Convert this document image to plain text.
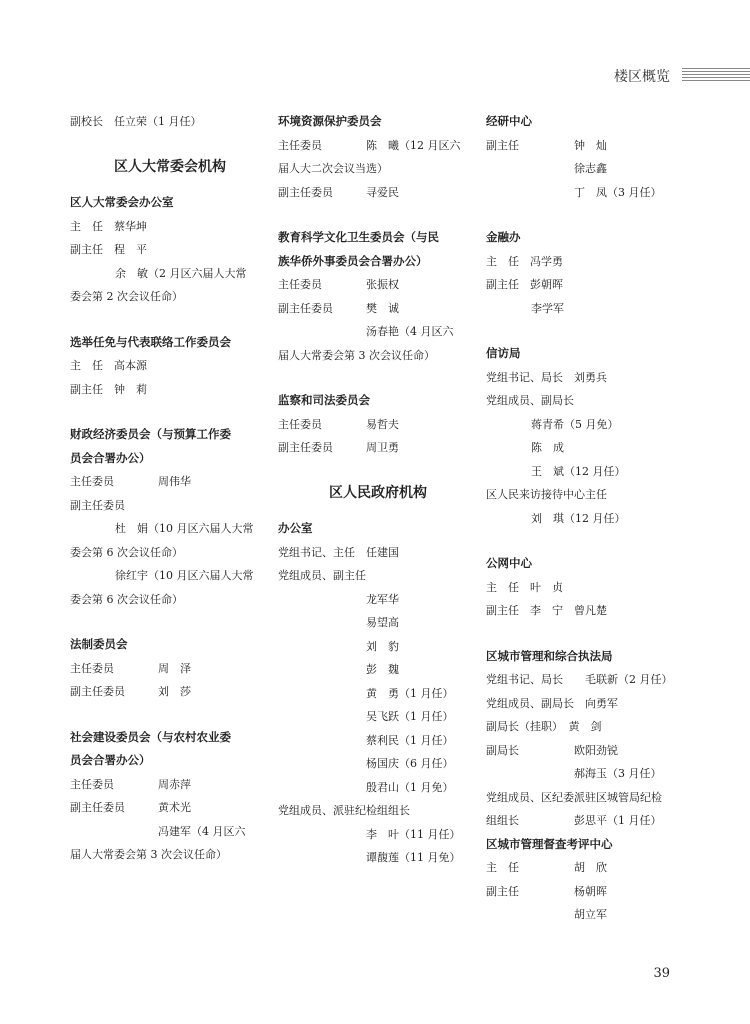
楼区概览
副校长　任立荣（1 月任）
区人大常委会机构
区人大常委会办公室
主　任　蔡华坤
副主任　程　平
余　敏（2 月区六届人大常
委会第 2 次会议任命）
选举任免与代表联络工作委员会
主　任　高本源
副主任　钟　莉
财政经济委员会（与预算工作委
员会合署办公）
主任委员　　　　周伟华
副主任委员
杜　娟（10 月区六届人大常
委会第 6 次会议任命）
徐红宇（10 月区六届人大常
委会第 6 次会议任命）
法制委员会
主任委员　　　　周　泽
副主任委员　　　刘　莎
社会建设委员会（与农村农业委
员会合署办公）
主任委员　　　　周赤萍
副主任委员　　　黄术光
冯建军（4 月区六
届人大常委会第 3 次会议任命）
环境资源保护委员会
主任委员　　　　陈　曦（12 月区六
届人大二次会议当选）
副主任委员　　　寻爱民
教育科学文化卫生委员会（与民
族华侨外事委员会合署办公）
主任委员　　　　张振权
副主任委员　　　樊　诚
汤春艳（4 月区六
届人大常委会第 3 次会议任命）
监察和司法委员会
主任委员　　　　易哲夫
副主任委员　　　周卫勇
区人民政府机构
办公室
党组书记、主任　任建国
党组成员、副主任
龙军华
易望高
刘　豹
彭　魏
黄　勇（1 月任）
吴飞跃（1 月任）
蔡利民（1 月任）
杨国庆（6 月任）
殷君山（1 月免）
党组成员、派驻纪检组组长
李　叶（11 月任）
谭馥莲（11 月免）
经研中心
副主任　　　　　钟　灿
徐志鑫
丁　凤（3 月任）
金融办
主　任　冯学勇
副主任　彭朝晖
李学军
信访局
党组书记、局长　刘勇兵
党组成员、副局长
蒋青希（5 月免）
陈　成
王　斌（12 月任）
区人民来访接待中心主任
刘　琪（12 月任）
公网中心
主　任　叶　贞
副主任　李　宁　曾凡楚
区城市管理和综合执法局
党组书记、局长　　毛联新（2 月任）
党组成员、副局长　向勇军
副局长（挂职）　黄　剑
副局长　　　　　欧阳劲锐
郝海玉（3 月任）
党组成员、区纪委派驻区城管局纪检
组组长　　　　　彭思平（1 月任）
区城市管理督查考评中心
主　任　　　　　胡　欣
副主任　　　　　杨朝晖
胡立军
39
